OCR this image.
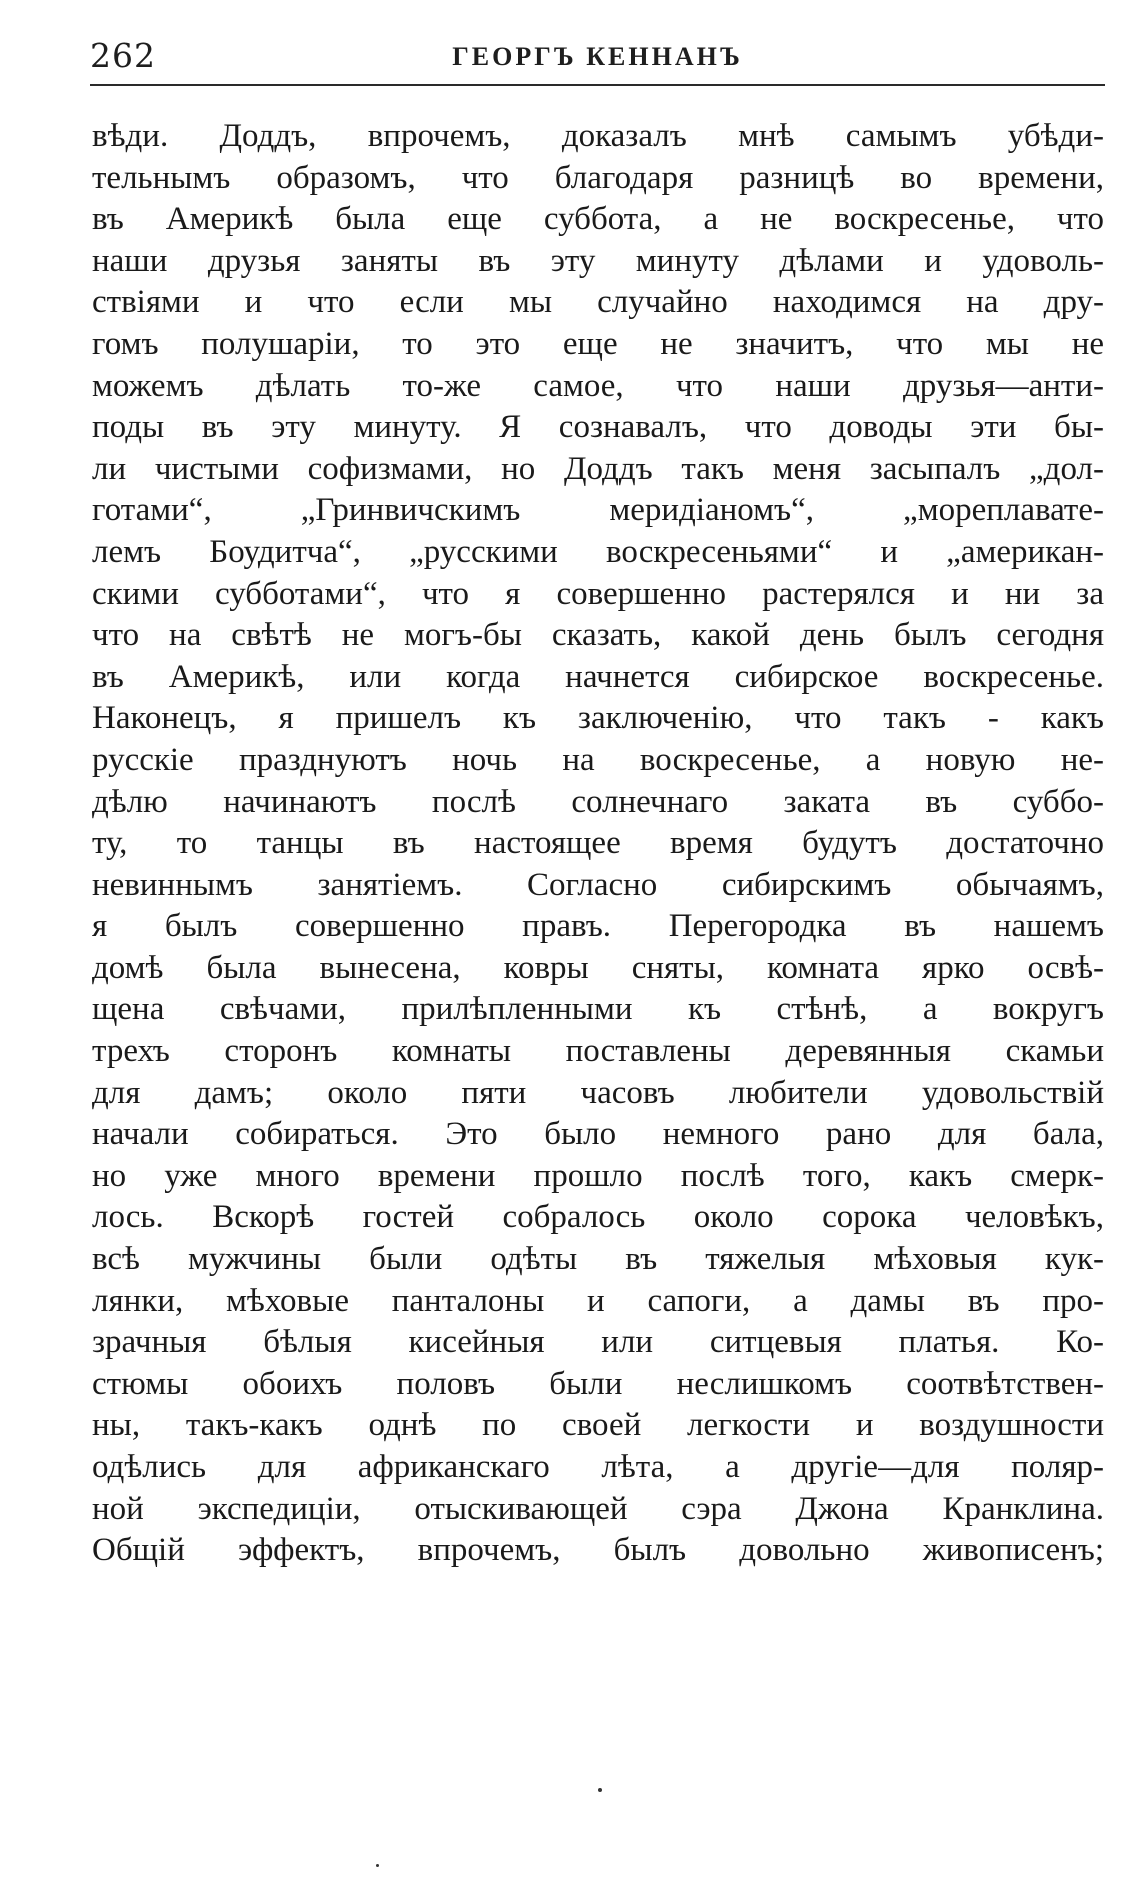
262	ГЕОРГЪ КЕННАНЪ
вѣди. Доддъ, впрочемъ, доказалъ мнѣ самымъ убѣди-
тельнымъ образомъ, что благодаря разницѣ во времени,
въ Америкѣ была еще суббота, а не воскресенье, что
наши друзья заняты въ эту минуту дѣлами и удоволь-
ствіями и что если мы случайно находимся на дру-
гомъ полушаріи, то это еще не значитъ, что мы не
можемъ дѣлать то-же самое, что наши друзья—анти-
поды въ эту минуту. Я сознавалъ, что доводы эти бы-
ли чистыми софизмами, но Доддъ такъ меня засыпалъ „дол-
готами“, „Гринвичскимъ меридіаномъ“, „мореплавате-
лемъ Боудитча“, „русскими воскресеньями“ и „американ-
скими субботами“, что я совершенно растерялся и ни за
что на свѣтѣ не могъ-бы сказать, какой день былъ сегодня
въ Америкѣ, или когда начнется сибирское воскресенье.
Наконецъ, я пришелъ къ заключенію, что такъ - какъ
русскіе празднуютъ ночь на воскресенье, а новую не-
дѣлю начинаютъ послѣ солнечнаго заката въ суббо-
ту, то танцы въ настоящее время будутъ достаточно
невиннымъ занятіемъ. Согласно сибирскимъ обычаямъ,
я былъ совершенно правъ. Перегородка въ нашемъ
домѣ была вынесена, ковры сняты, комната ярко освѣ-
щена свѣчами, прилѣпленными къ стѣнѣ, а вокругъ
трехъ сторонъ комнаты поставлены деревянныя скамьи
для дамъ; около пяти часовъ любители удовольствій
начали собираться. Это было немного рано для бала,
но уже много времени прошло послѣ того, какъ смерк-
лось. Вскорѣ гостей собралось около сорока человѣкъ,
всѣ мужчины были одѣты въ тяжелыя мѣховыя кук-
лянки, мѣховые панталоны и сапоги, а дамы въ про-
зрачныя бѣлыя кисейныя или ситцевыя платья. Ко-
стюмы обоихъ половъ были неслишкомъ соотвѣтствен-
ны, такъ-какъ однѣ по своей легкости и воздушности
одѣлись для африканскаго лѣта, а другіе—для поляр-
ной экспедиціи, отыскивающей сэра Джона Кранклина.
Общій эффектъ, впрочемъ, былъ довольно живописенъ;
